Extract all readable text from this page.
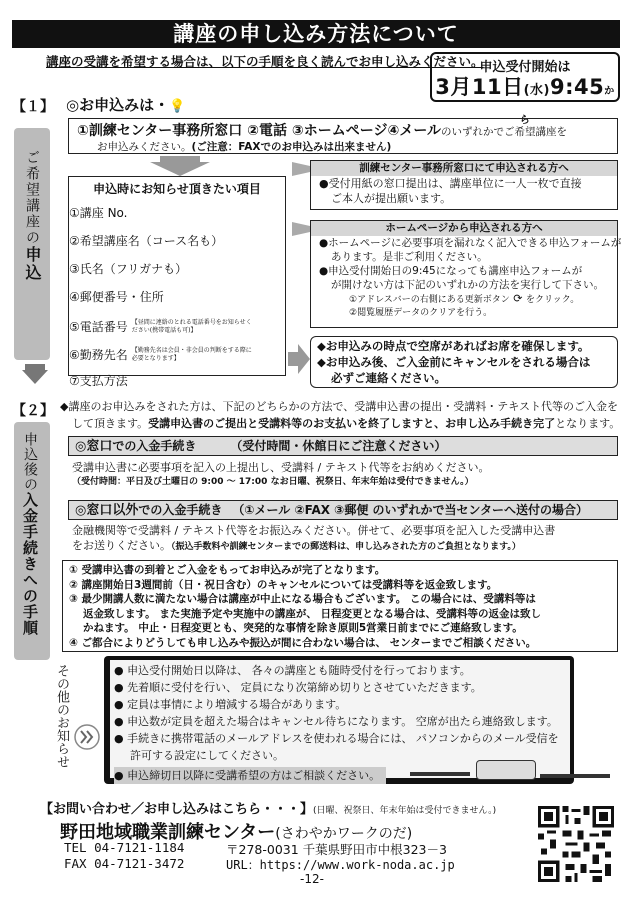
講座の申し込み方法について
講座の受講を希望する場合は、以下の手順を良く読んでお申し込みください。
申込受付開始は
3月11日(水)9:45から
【１】
ご希望講座の申込
◎お申込みは・💡
①訓練センター事務所窓口 ②電話 ③ホームページ④メールのいずれかでご希望講座を
お申込みください。(ご注意：FAXでのお申込みは出来ません)
申込時にお知らせ頂きたい項目
①講座 No.
②希望講座名（コース名も）
③氏名（フリガナも）
④郵便番号・住所
⑤電話番号 【昼間に連絡のとれる電話番号をお知らせください(携帯電話も可)】
⑥勤務先名 【勤務先名は会員・非会員の判断をする際に必要となります】
⑦支払方法
訓練センター事務所窓口にて申込される方へ
●受付用紙の窓口提出は、講座単位に一人一枚で直接
ご本人が提出願います。
ホームページから申込される方へ
●ホームページに必要事項を漏れなく記入できる申込フォームが
あります。是非ご利用ください。
●申込受付開始日の9:45になっても講座申込フォームが
が開けない方は下記のいずれかの方法を実行して下さい。
①アドレスバーの右側にある更新ボタン ⟳ をクリック。
②閲覧履歴データのクリアを行う。
◆お申込みの時点で空席があればお席を確保します。
◆お申込み後、ご入金前にキャンセルをされる場合は
必ずご連絡ください。
【２】
申込後の入金手続きへの手順
◆講座のお申込みをされた方は、下記のどちらかの方法で、受講申込書の提出・受講料・テキスト代等のご入金を
して頂きます。受講申込書のご提出と受講料等のお支払いを終了しますと、お申し込み手続き完了となります。
◎窓口での入金手続き	（受付時間・休館日にご注意ください）
受講申込書に必要事項を記入の上提出し、受講料 / テキスト代等をお納めください。
（受付時間：平日及び土曜日の 9:00 ～ 17:00 なお日曜、祝祭日、年末年始は受付できません。）
◎窓口以外での入金手続き （①メール ②FAX ③郵便 のいずれかで当センターへ送付の場合）
金融機関等で受講料 / テキスト代等をお振込みください。併せて、必要事項を記入した受講申込書
をお送りください。（振込手数料や訓練センターまでの郵送料は、申し込みされた方のご負担となります。）
① 受講申込書の到着とご入金をもってお申込みが完了となります。
② 講座開始日3週間前（日・祝日含む）のキャンセルについては受講料等を返金致します。
③ 最少開講人数に満たない場合は講座が中止になる場合もございます。 この場合には、受講料等は
返金致します。 また実施予定や実施中の講座が、 日程変更となる場合は、受講料等の返金は致し
かねます。 中止・日程変更とも、突発的な事情を除き原則5営業日前までにご連絡致します。
④ ご都合によりどうしても申し込みや振込が間に合わない場合は、 センターまでご相談ください。
その他のお知らせ	● 申込受付開始日以降は、 各々の講座とも随時受付を行っております。
● 先着順に受付を行い、 定員になり次第締め切りとさせていただきます。
● 定員は事情により増減する場合があります。
● 申込数が定員を超えた場合はキャンセル待ちになります。 空席が出たら連絡致します。
● 手続きに携帯電話のメールアドレスを使われる場合には、 パソコンからのメール受信を
許可する設定にしてください。
● 申込締切日以降に受講希望の方はご相談ください。
【お問い合わせ／お申し込みはこちら・・・】(日曜、祝祭日、年末年始は受付できません。)
野田地域職業訓練センター(さわやかワークのだ)
TEL 04-7121-1184
FAX 04-7121-3472
〒278-0031 千葉県野田市中根323－3
URL：https://www.work-noda.ac.jp
-12-
